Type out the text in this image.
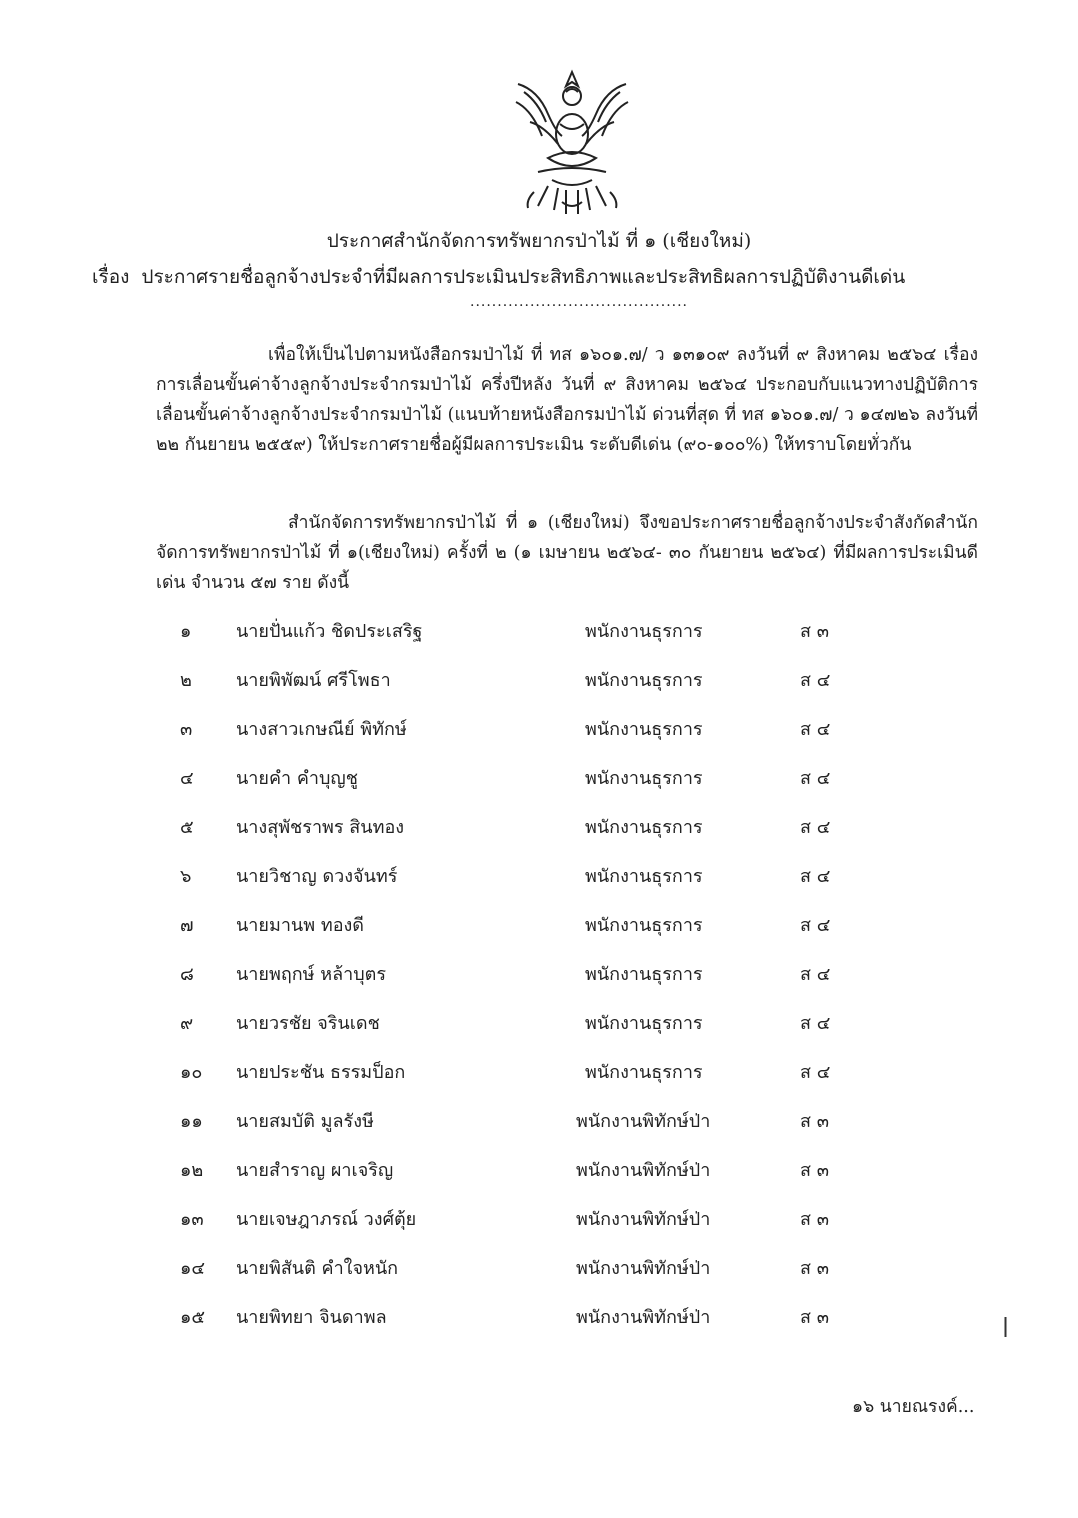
ประกาศสำนักจัดการทรัพยากรป่าไม้ ที่ ๑ (เชียงใหม่)
เรื่อง ประกาศรายชื่อลูกจ้างประจำที่มีผลการประเมินประสิทธิภาพและประสิทธิผลการปฏิบัติงานดีเด่น
........................................
เพื่อให้เป็นไปตามหนังสือกรมป่าไม้ ที่ ทส ๑๖๐๑.๗/ ว ๑๓๑๐๙ ลงวันที่ ๙ สิงหาคม ๒๕๖๔ เรื่อง การเลื่อนขั้นค่าจ้างลูกจ้างประจำกรมป่าไม้ ครึ่งปีหลัง วันที่ ๙ สิงหาคม ๒๕๖๔ ประกอบกับแนวทางปฏิบัติการเลื่อนขั้นค่าจ้างลูกจ้างประจำกรมป่าไม้ (แนบท้ายหนังสือกรมป่าไม้ ด่วนที่สุด ที่ ทส ๑๖๐๑.๗/ ว ๑๔๗๒๖ ลงวันที่ ๒๒ กันยายน ๒๕๕๙) ให้ประกาศรายชื่อผู้มีผลการประเมิน ระดับดีเด่น (๙๐-๑๐๐%) ให้ทราบโดยทั่วกัน
สำนักจัดการทรัพยากรป่าไม้ ที่ ๑ (เชียงใหม่) จึงขอประกาศรายชื่อลูกจ้างประจำสังกัดสำนักจัดการทรัพยากรป่าไม้ ที่ ๑(เชียงใหม่) ครั้งที่ ๒ (๑ เมษายน ๒๕๖๔- ๓๐ กันยายน ๒๕๖๔) ที่มีผลการประเมินดีเด่น จำนวน ๕๗ ราย ดังนี้
๑	นายปั่นแก้ว ชิดประเสริฐ	พนักงานธุรการ	ส ๓
๒	นายพิพัฒน์ ศรีโพธา	พนักงานธุรการ	ส ๔
๓	นางสาวเกษณีย์ พิทักษ์	พนักงานธุรการ	ส ๔
๔	นายคำ คำบุญชู	พนักงานธุรการ	ส ๔
๕	นางสุพัชราพร สินทอง	พนักงานธุรการ	ส ๔
๖	นายวิชาญ ดวงจันทร์	พนักงานธุรการ	ส ๔
๗	นายมานพ ทองดี	พนักงานธุรการ	ส ๔
๘	นายพฤกษ์ หล้าบุตร	พนักงานธุรการ	ส ๔
๙	นายวรชัย จรินเดช	พนักงานธุรการ	ส ๔
๑๐	นายประชัน ธรรมป็อก	พนักงานธุรการ	ส ๔
๑๑	นายสมบัติ มูลรังษี	พนักงานพิทักษ์ป่า	ส ๓
๑๒	นายสำราญ ผาเจริญ	พนักงานพิทักษ์ป่า	ส ๓
๑๓	นายเจษฎาภรณ์ วงศ์ตุ้ย	พนักงานพิทักษ์ป่า	ส ๓
๑๔	นายพิสันติ คำใจหนัก	พนักงานพิทักษ์ป่า	ส ๓
๑๕	นายพิทยา จินดาพล	พนักงานพิทักษ์ป่า	ส ๓
๑๖ นายณรงค์...
